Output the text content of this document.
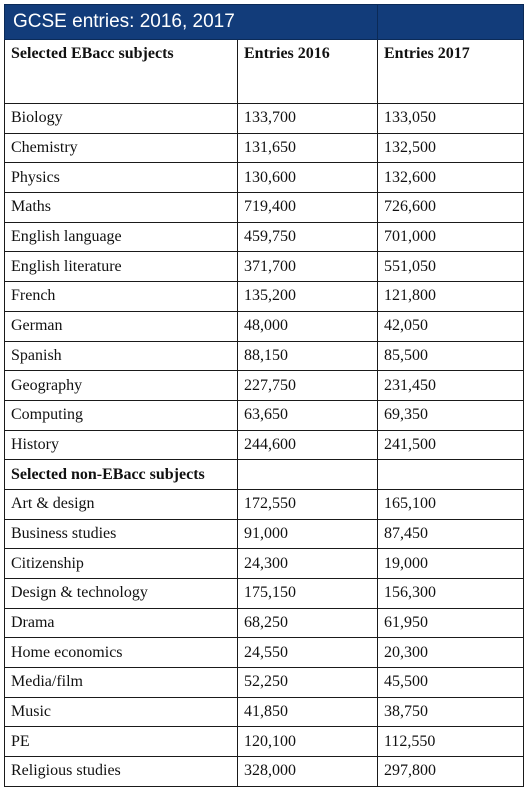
GCSE entries: 2016, 2017		
Selected EBacc subjects	Entries 2016	Entries 2017
Biology	133,700	133,050
Chemistry	131,650	132,500
Physics	130,600	132,600
Maths	719,400	726,600
English language	459,750	701,000
English literature	371,700	551,050
French	135,200	121,800
German	48,000	42,050
Spanish	88,150	85,500
Geography	227,750	231,450
Computing	63,650	69,350
History	244,600	241,500
Selected non-EBacc subjects		
Art & design	172,550	165,100
Business studies	91,000	87,450
Citizenship	24,300	19,000
Design & technology	175,150	156,300
Drama	68,250	61,950
Home economics	24,550	20,300
Media/film	52,250	45,500
Music	41,850	38,750
PE	120,100	112,550
Religious studies	328,000	297,800
